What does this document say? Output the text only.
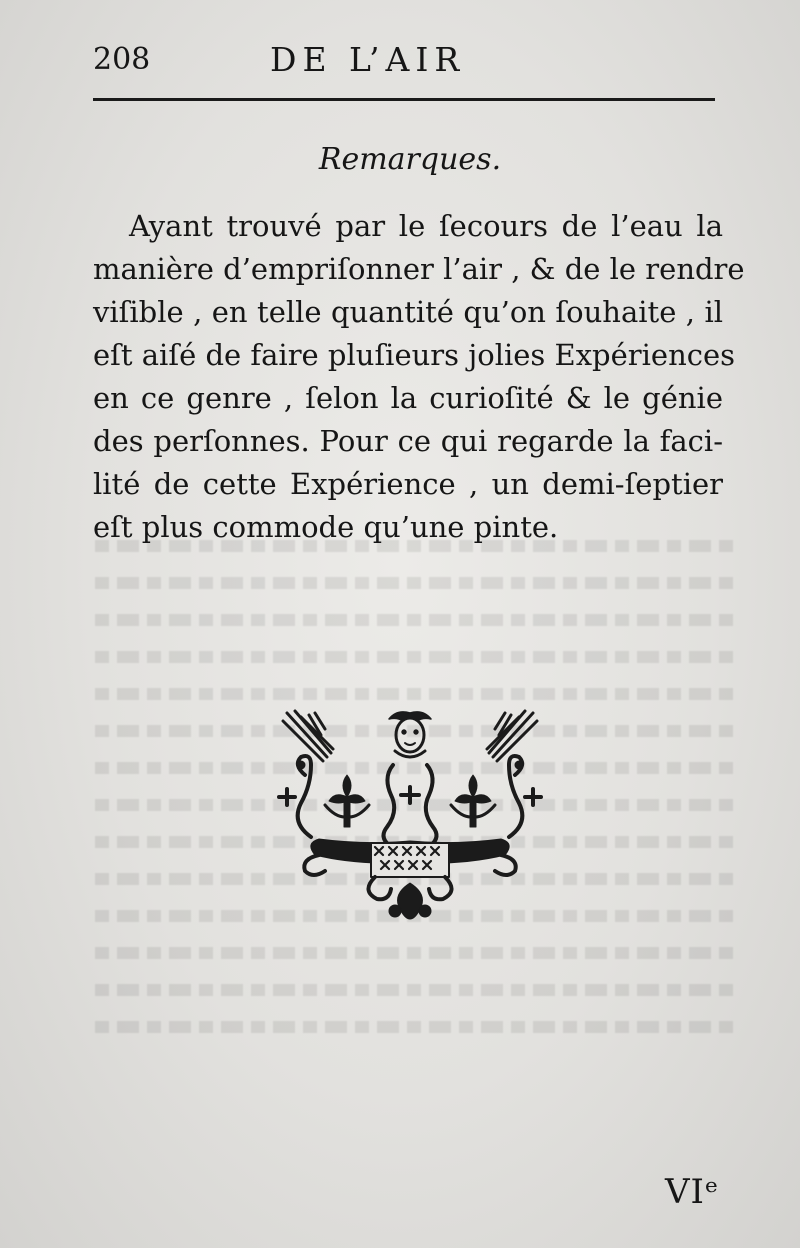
208	DE L’AIR
Remarques.
Ayant trouvé par le ſecours de l’eau la
manière d’empriſonner l’air , & de le rendre
viſible , en telle quantité qu’on ſouhaite , il
eſt aiſé de faire pluſieurs jolies Expériences
en ce genre , ſelon la curioſité & le génie
des perſonnes. Pour ce qui regarde la faci-
lité de cette Expérience , un demi-ſeptier
eſt plus commode qu’une pinte.
VIᵉ
